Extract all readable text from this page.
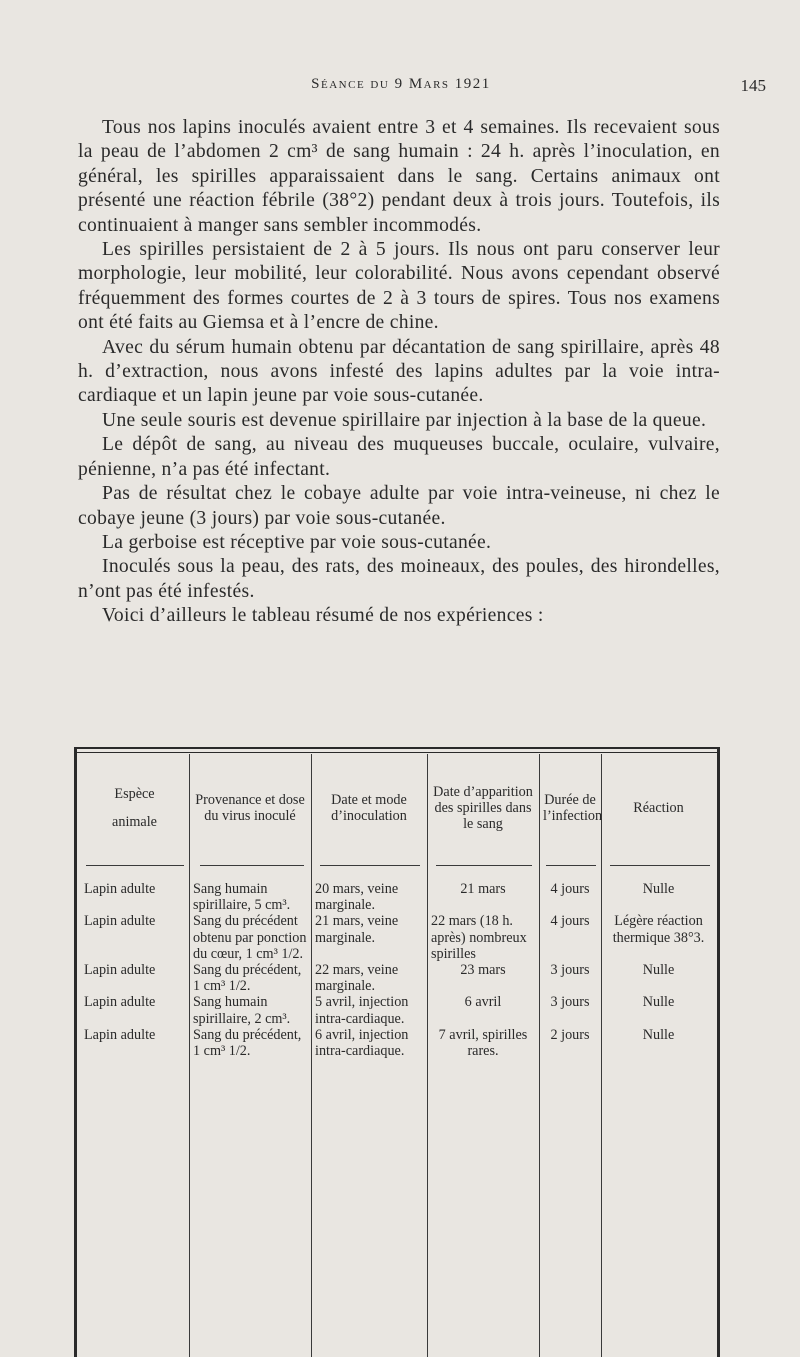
Séance du 9 Mars 1921	145

Tous nos lapins inoculés avaient entre 3 et 4 semaines. Ils recevaient sous la peau de l’abdomen 2 cm³ de sang humain : 24 h. après l’inoculation, en général, les spirilles apparaissaient dans le sang. Certains animaux ont présenté une réaction fébrile (38°2) pendant deux à trois jours. Toutefois, ils continuaient à manger sans sembler incommodés.

Les spirilles persistaient de 2 à 5 jours. Ils nous ont paru conserver leur morphologie, leur mobilité, leur colorabilité. Nous avons cependant observé fréquemment des formes courtes de 2 à 3 tours de spires. Tous nos examens ont été faits au Giemsa et à l’encre de chine.

Avec du sérum humain obtenu par décantation de sang spirillaire, après 48 h. d’extraction, nous avons infesté des lapins adultes par la voie intra-cardiaque et un lapin jeune par voie sous-cutanée.

Une seule souris est devenue spirillaire par injection à la base de la queue.

Le dépôt de sang, au niveau des muqueuses buccale, oculaire, vulvaire, pénienne, n’a pas été infectant.

Pas de résultat chez le cobaye adulte par voie intra-veineuse, ni chez le cobaye jeune (3 jours) par voie sous-cutanée.

La gerboise est réceptive par voie sous-cutanée.

Inoculés sous la peau, des rats, des moineaux, des poules, des hirondelles, n’ont pas été infestés.

Voici d’ailleurs le tableau résumé de nos expériences :

Espèce
animale	Provenance et dose du virus inoculé	Date et mode d’inoculation	Date d’apparition des spirilles dans le sang	Durée de l’infection	Réaction

Lapin adulte	Sang humain spirillaire, 5 cm³.	20 mars, veine marginale.	21 mars	4 jours	Nulle
Lapin adulte	Sang du précédent obtenu par ponction du cœur, 1 cm³ 1/2.	21 mars, veine marginale.	22 mars (18 h. après) nombreux spirilles	4 jours	Légère réaction thermique 38°3.
Lapin adulte	Sang du précédent, 1 cm³ 1/2.	22 mars, veine marginale.	23 mars	3 jours	Nulle
Lapin adulte	Sang humain spirillaire, 2 cm³.	5 avril, injection intra-cardiaque.	6 avril	3 jours	Nulle
Lapin adulte	Sang du précédent, 1 cm³ 1/2.	6 avril, injection intra-cardiaque.	7 avril, spirilles rares.	2 jours	Nulle
